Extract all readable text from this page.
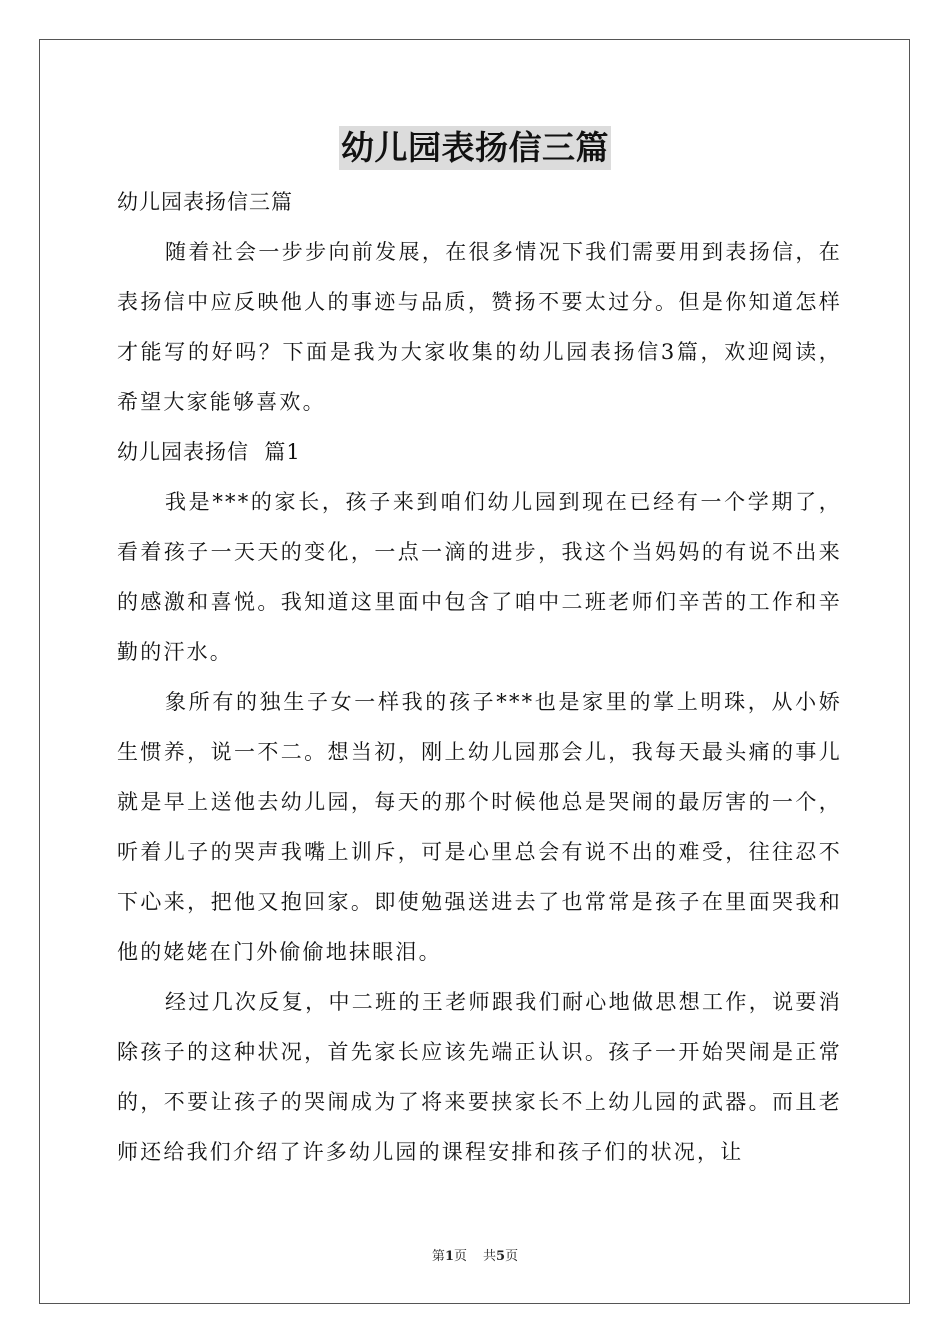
幼儿园表扬信三篇

幼儿园表扬信三篇

随着社会一步步向前发展，在很多情况下我们需要用到表扬信，在表扬信中应反映他人的事迹与品质，赞扬不要太过分。但是你知道怎样才能写的好吗？下面是我为大家收集的幼儿园表扬信3篇，欢迎阅读，希望大家能够喜欢。

幼儿园表扬信  篇1

我是***的家长，孩子来到咱们幼儿园到现在已经有一个学期了，看着孩子一天天的变化，一点一滴的进步，我这个当妈妈的有说不出来的感激和喜悦。我知道这里面中包含了咱中二班老师们辛苦的工作和辛勤的汗水。

象所有的独生子女一样我的孩子***也是家里的掌上明珠，从小娇生惯养，说一不二。想当初，刚上幼儿园那会儿，我每天最头痛的事儿就是早上送他去幼儿园，每天的那个时候他总是哭闹的最厉害的一个，听着儿子的哭声我嘴上训斥，可是心里总会有说不出的难受，往往忍不下心来，把他又抱回家。即使勉强送进去了也常常是孩子在里面哭我和他的姥姥在门外偷偷地抹眼泪。

经过几次反复，中二班的王老师跟我们耐心地做思想工作，说要消除孩子的这种状况，首先家长应该先端正认识。孩子一开始哭闹是正常的，不要让孩子的哭闹成为了将来要挟家长不上幼儿园的武器。而且老师还给我们介绍了许多幼儿园的课程安排和孩子们的状况，让

第1页 共5页
